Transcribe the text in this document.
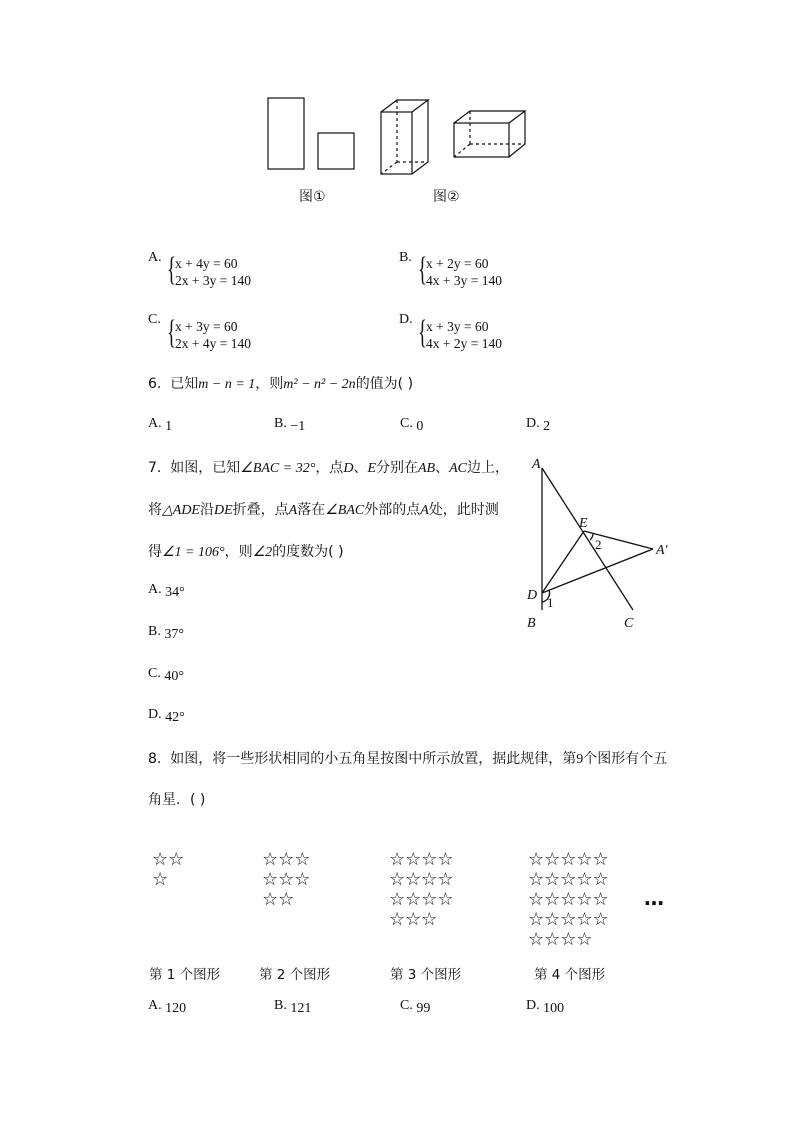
图①	图②
A. { x + 4y = 60
2x + 3y = 140
B. { x + 2y = 60
4x + 3y = 140
C. { x + 3y = 60
2x + 4y = 140
D. { x + 3y = 60
4x + 2y = 140
6. 已知m − n = 1，则m² − n² − 2n的值为( )
A. 1	B. −1	C. 0	D. 2
7. 如图，已知∠BAC = 32°，点D、E分别在AB、AC边上，
将△ADE沿DE折叠，点A落在∠BAC外部的点A处，此时测
得∠1 = 106°，则∠2的度数为( )
A. 34°
B. 37°
C. 40°
D. 42°
A
E
A′
D
B	C
1
2
8. 如图，将一些形状相同的小五角星按图中所示放置，据此规律，第9个图形有个五
角星．( )
☆☆
☆
☆☆☆
☆☆☆
☆☆
☆☆☆☆
☆☆☆☆
☆☆☆☆
☆☆☆
☆☆☆☆☆
☆☆☆☆☆
☆☆☆☆☆
☆☆☆☆☆
☆☆☆☆
…
第 1 个图形	第 2 个图形	第 3 个图形	第 4 个图形
A. 120	B. 121	C. 99	D. 100
